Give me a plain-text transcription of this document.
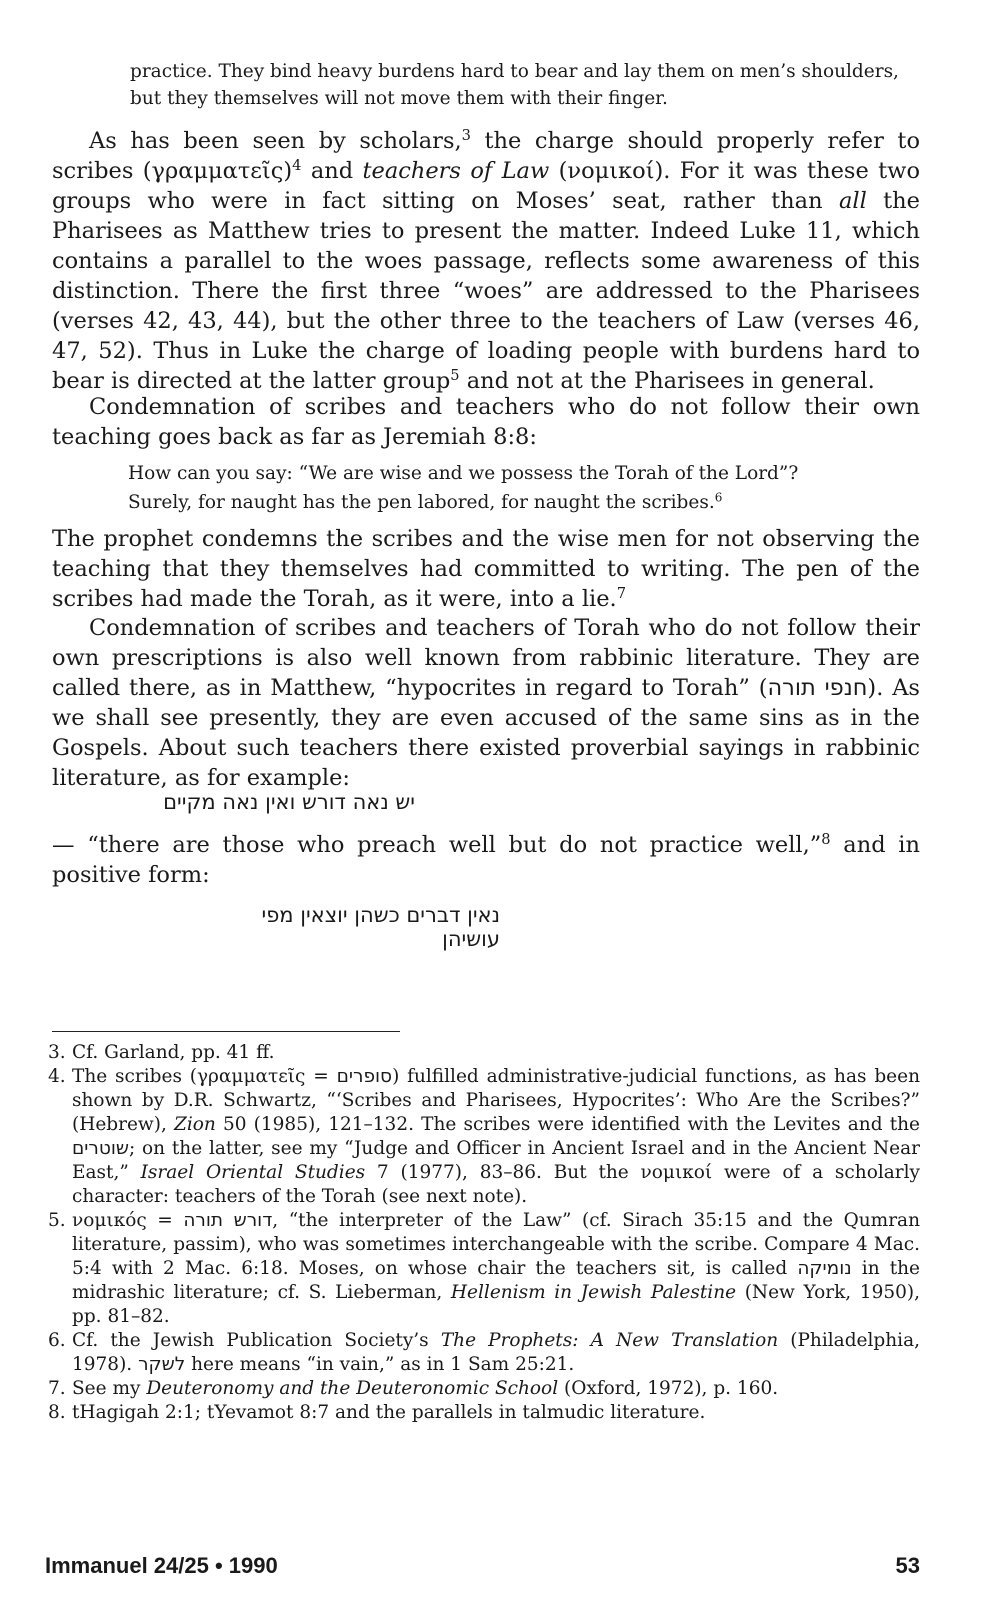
practice. They bind heavy burdens hard to bear and lay them on men’s shoulders, but they themselves will not move them with their finger.
As has been seen by scholars,$^3$ the charge should properly refer to scribes (γραμματεῖς)$^4$ and teachers of Law (νομικοί). For it was these two groups who were in fact sitting on Moses’ seat, rather than all the Pharisees as Matthew tries to present the matter. Indeed Luke 11, which contains a parallel to the woes passage, reflects some awareness of this distinction. There the first three “woes” are addressed to the Pharisees (verses 42, 43, 44), but the other three to the teachers of Law (verses 46, 47, 52). Thus in Luke the charge of loading people with burdens hard to bear is directed at the latter group$^5$ and not at the Pharisees in general.
Condemnation of scribes and teachers who do not follow their own teaching goes back as far as Jeremiah 8:8:
How can you say: “We are wise and we possess the Torah of the Lord”?
Surely, for naught has the pen labored, for naught the scribes.$^6$
The prophet condemns the scribes and the wise men for not observing the teaching that they themselves had committed to writing. The pen of the scribes had made the Torah, as it were, into a lie.$^7$
Condemnation of scribes and teachers of Torah who do not follow their own prescriptions is also well known from rabbinic literature. They are called there, as in Matthew, “hypocrites in regard to Torah” (חנפי תורה). As we shall see presently, they are even accused of the same sins as in the Gospels. About such teachers there existed proverbial sayings in rabbinic literature, as for example:
יש נאה דורש ואין נאה מקיים
— “there are those who preach well but do not practice well,”$^8$ and in positive form:
נאין דברים כשהן יוצאין מפי עושיהן
3. Cf. Garland, pp. 41 ff.
4. The scribes (γραμματεῖς = סופרים) fulfilled administrative-judicial functions, as has been shown by D.R. Schwartz, “‘Scribes and Pharisees, Hypocrites’: Who Are the Scribes?” (Hebrew), Zion 50 (1985), 121–132. The scribes were identified with the Levites and the שוטרים; on the latter, see my “Judge and Officer in Ancient Israel and in the Ancient Near East,” Israel Oriental Studies 7 (1977), 83–86. But the νομικοί were of a scholarly character: teachers of the Torah (see next note).
5. νομικός = דורש תורה, “the interpreter of the Law” (cf. Sirach 35:15 and the Qumran literature, passim), who was sometimes interchangeable with the scribe. Compare 4 Mac. 5:4 with 2 Mac. 6:18. Moses, on whose chair the teachers sit, is called נומיקה in the midrashic literature; cf. S. Lieberman, Hellenism in Jewish Palestine (New York, 1950), pp. 81–82.
6. Cf. the Jewish Publication Society’s The Prophets: A New Translation (Philadelphia, 1978). לשקר here means “in vain,” as in 1 Sam 25:21.
7. See my Deuteronomy and the Deuteronomic School (Oxford, 1972), p. 160.
8. tHagigah 2:1; tYevamot 8:7 and the parallels in talmudic literature.
Immanuel 24/25 • 1990	53
